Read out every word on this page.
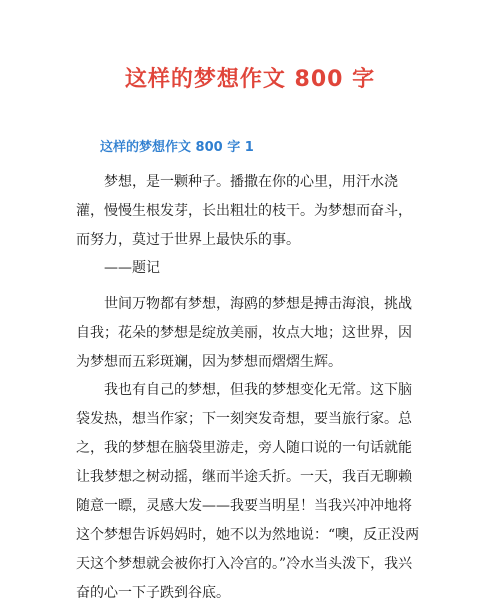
这样的梦想作文 800 字
这样的梦想作文 800 字 1

梦想，是一颗种子。播撒在你的心里，用汗水浇灌，慢慢生根发芽，长出粗壮的枝干。为梦想而奋斗，而努力，莫过于世界上最快乐的事。

——题记

世间万物都有梦想，海鸥的梦想是搏击海浪，挑战自我；花朵的梦想是绽放美丽，妆点大地；这世界，因为梦想而五彩斑斓，因为梦想而熠熠生辉。

我也有自己的梦想，但我的梦想变化无常。这下脑袋发热，想当作家；下一刻突发奇想，要当旅行家。总之，我的梦想在脑袋里游走，旁人随口说的一句话就能让我梦想之树动摇，继而半途夭折。一天，我百无聊赖随意一瞟，灵感大发——我要当明星！当我兴冲冲地将这个梦想告诉妈妈时，她不以为然地说：“噢，反正没两天这个梦想就会被你打入冷宫的。”冷水当头泼下，我兴奋的心一下子跌到谷底。
